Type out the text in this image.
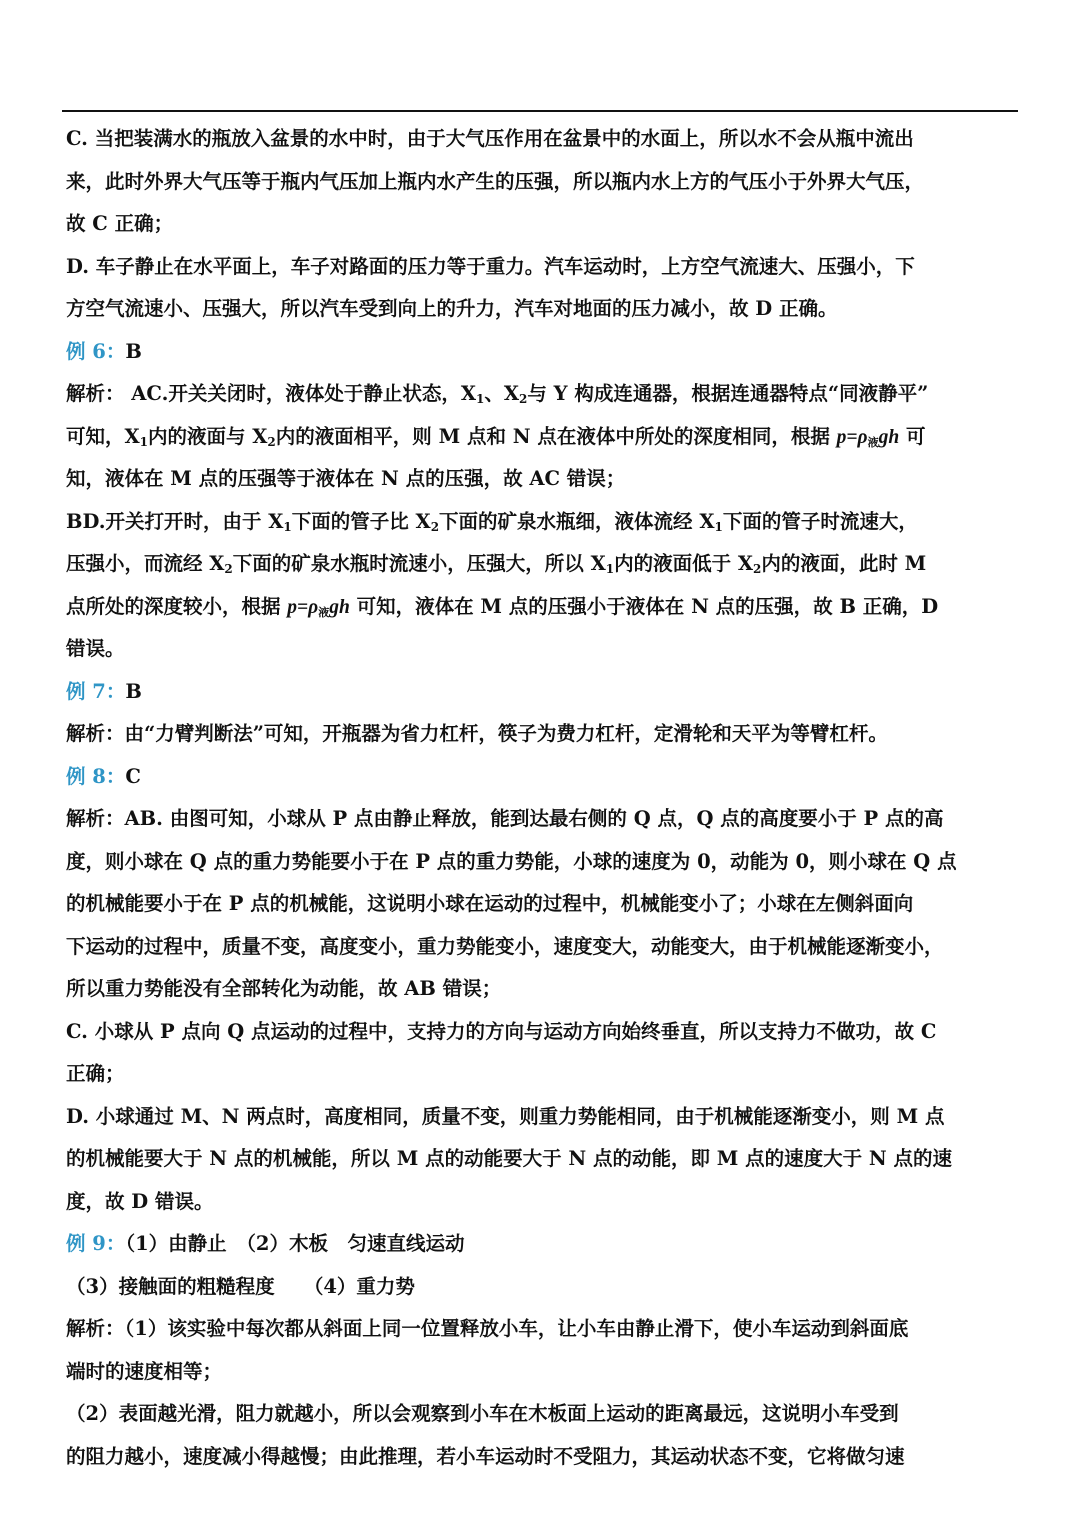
C. 当把装满水的瓶放入盆景的水中时，由于大气压作用在盆景中的水面上，所以水不会从瓶中流出
来，此时外界大气压等于瓶内气压加上瓶内水产生的压强，所以瓶内水上方的气压小于外界大气压，
故 C 正确；
D. 车子静止在水平面上，车子对路面的压力等于重力。汽车运动时，上方空气流速大、压强小，下
方空气流速小、压强大，所以汽车受到向上的升力，汽车对地面的压力减小，故 D 正确。
例 6：B
解析： AC.开关关闭时，液体处于静止状态，$X_1$、$X_2$与 Y 构成连通器，根据连通器特点“同液静平”
可知，$X_1$内的液面与 $X_2$内的液面相平，则 M 点和 N 点在液体中所处的深度相同，根据 p=ρ液gh 可
知，液体在 M 点的压强等于液体在 N 点的压强，故 AC 错误；
BD.开关打开时，由于 $X_1$下面的管子比 $X_2$下面的矿泉水瓶细，液体流经 $X_1$下面的管子时流速大，
压强小，而流经 $X_2$下面的矿泉水瓶时流速小，压强大，所以 $X_1$内的液面低于 $X_2$内的液面，此时 M
点所处的深度较小，根据 p=ρ液gh 可知，液体在 M 点的压强小于液体在 N 点的压强，故 B 正确，D
错误。
例 7：B
解析：由“力臂判断法”可知，开瓶器为省力杠杆，筷子为费力杠杆，定滑轮和天平为等臂杠杆。
例 8：C
解析：AB. 由图可知，小球从 P 点由静止释放，能到达最右侧的 Q 点，Q 点的高度要小于 P 点的高
度，则小球在 Q 点的重力势能要小于在 P 点的重力势能，小球的速度为 0，动能为 0，则小球在 Q 点
的机械能要小于在 P 点的机械能，这说明小球在运动的过程中，机械能变小了；小球在左侧斜面向
下运动的过程中，质量不变，高度变小，重力势能变小，速度变大，动能变大，由于机械能逐渐变小，
所以重力势能没有全部转化为动能，故 AB 错误；
C. 小球从 P 点向 Q 点运动的过程中，支持力的方向与运动方向始终垂直，所以支持力不做功，故 C
正确；
D. 小球通过 M、N 两点时，高度相同，质量不变，则重力势能相同，由于机械能逐渐变小，则 M 点
的机械能要大于 N 点的机械能，所以 M 点的动能要大于 N 点的动能，即 M 点的速度大于 N 点的速
度，故 D 错误。
例 9：（1）由静止　（2）木板　匀速直线运动
（3）接触面的粗糙程度　　（4）重力势
解析：（1）该实验中每次都从斜面上同一位置释放小车，让小车由静止滑下，使小车运动到斜面底
端时的速度相等；
（2）表面越光滑，阻力就越小，所以会观察到小车在木板面上运动的距离最远，这说明小车受到
的阻力越小，速度减小得越慢；由此推理，若小车运动时不受阻力，其运动状态不变，它将做匀速
